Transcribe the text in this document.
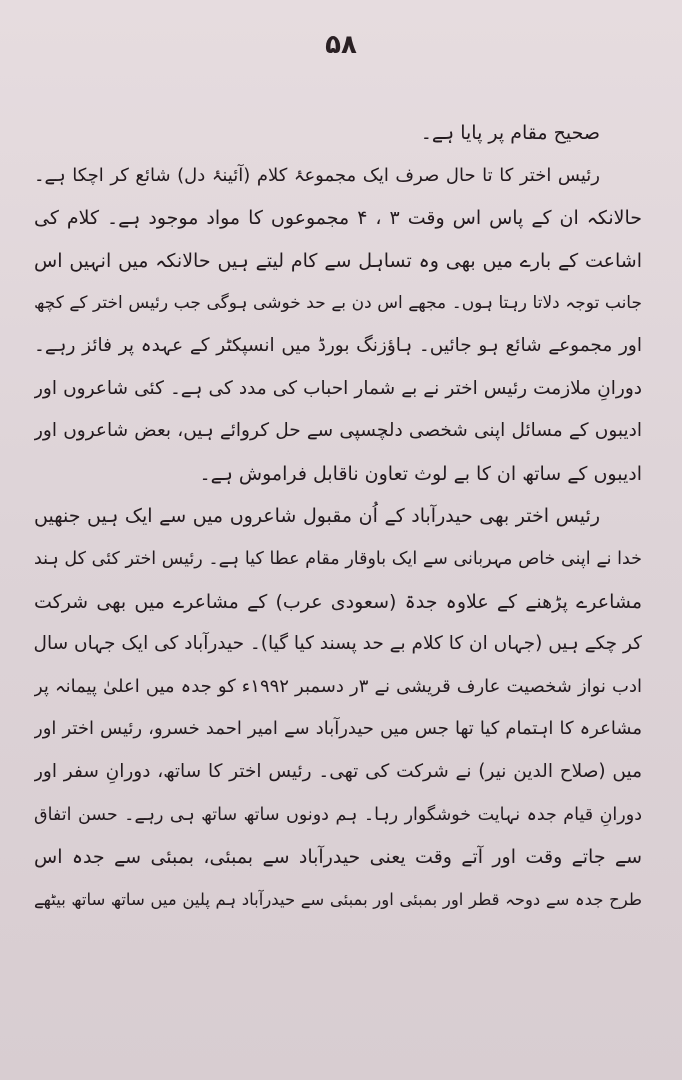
۵۸
صحیح مقام پر پایا ہے۔
رئیس اختر کا تا حال صرف ایک مجموعۂ کلام (آئینۂ دل) شائع کر اچکا ہے۔
حالانکہ ان کے پاس اس وقت ۳ ، ۴ مجموعوں کا مواد موجود ہے۔ کلام کی
اشاعت کے بارے میں بھی وہ تساہل سے کام لیتے ہیں حالانکہ میں انہیں اس
جانب توجہ دلاتا رہتا ہوں۔ مجھے اس دن بے حد خوشی ہوگی جب رئیس اختر کے کچھ
اور مجموعے شائع ہو جائیں۔ ہاؤزنگ بورڈ میں انسپکٹر کے عہدہ پر فائز رہے۔
دورانِ ملازمت رئیس اختر نے بے شمار احباب کی مدد کی ہے۔ کئی شاعروں اور
ادیبوں کے مسائل اپنی شخصی دلچسپی سے حل کروائے ہیں، بعض شاعروں اور
ادیبوں کے ساتھ ان کا بے لوث تعاون ناقابل فراموش ہے۔
رئیس اختر بھی حیدرآباد کے اُن مقبول شاعروں میں سے ایک ہیں جنھیں
خدا نے اپنی خاص مہربانی سے ایک باوقار مقام عطا کیا ہے۔ رئیس اختر کئی کل ہند
مشاعرے پڑھنے کے علاوہ جدۃ (سعودی عرب) کے مشاعرے میں بھی شرکت
کر چکے ہیں (جہاں ان کا کلام بے حد پسند کیا گیا)۔ حیدرآباد کی ایک جہاں سال
ادب نواز شخصیت عارف قریشی نے ۳ر دسمبر ۱۹۹۲ء کو جدہ میں اعلیٰ پیمانہ پر
مشاعرہ کا اہتمام کیا تھا جس میں حیدرآباد سے امیر احمد خسرو، رئیس اختر اور
میں (صلاح الدین نیر) نے شرکت کی تھی۔ رئیس اختر کا ساتھ، دورانِ سفر اور
دورانِ قیام جدہ نہایت خوشگوار رہا۔ ہم دونوں ساتھ ساتھ ہی رہے۔ حسن اتفاق
سے جاتے وقت اور آتے وقت یعنی حیدرآباد سے بمبئی، بمبئی سے جدہ اس
طرح جدہ سے دوحہ قطر اور بمبئی اور بمبئی سے حیدرآباد ہم پلین میں ساتھ ساتھ بیٹھے
